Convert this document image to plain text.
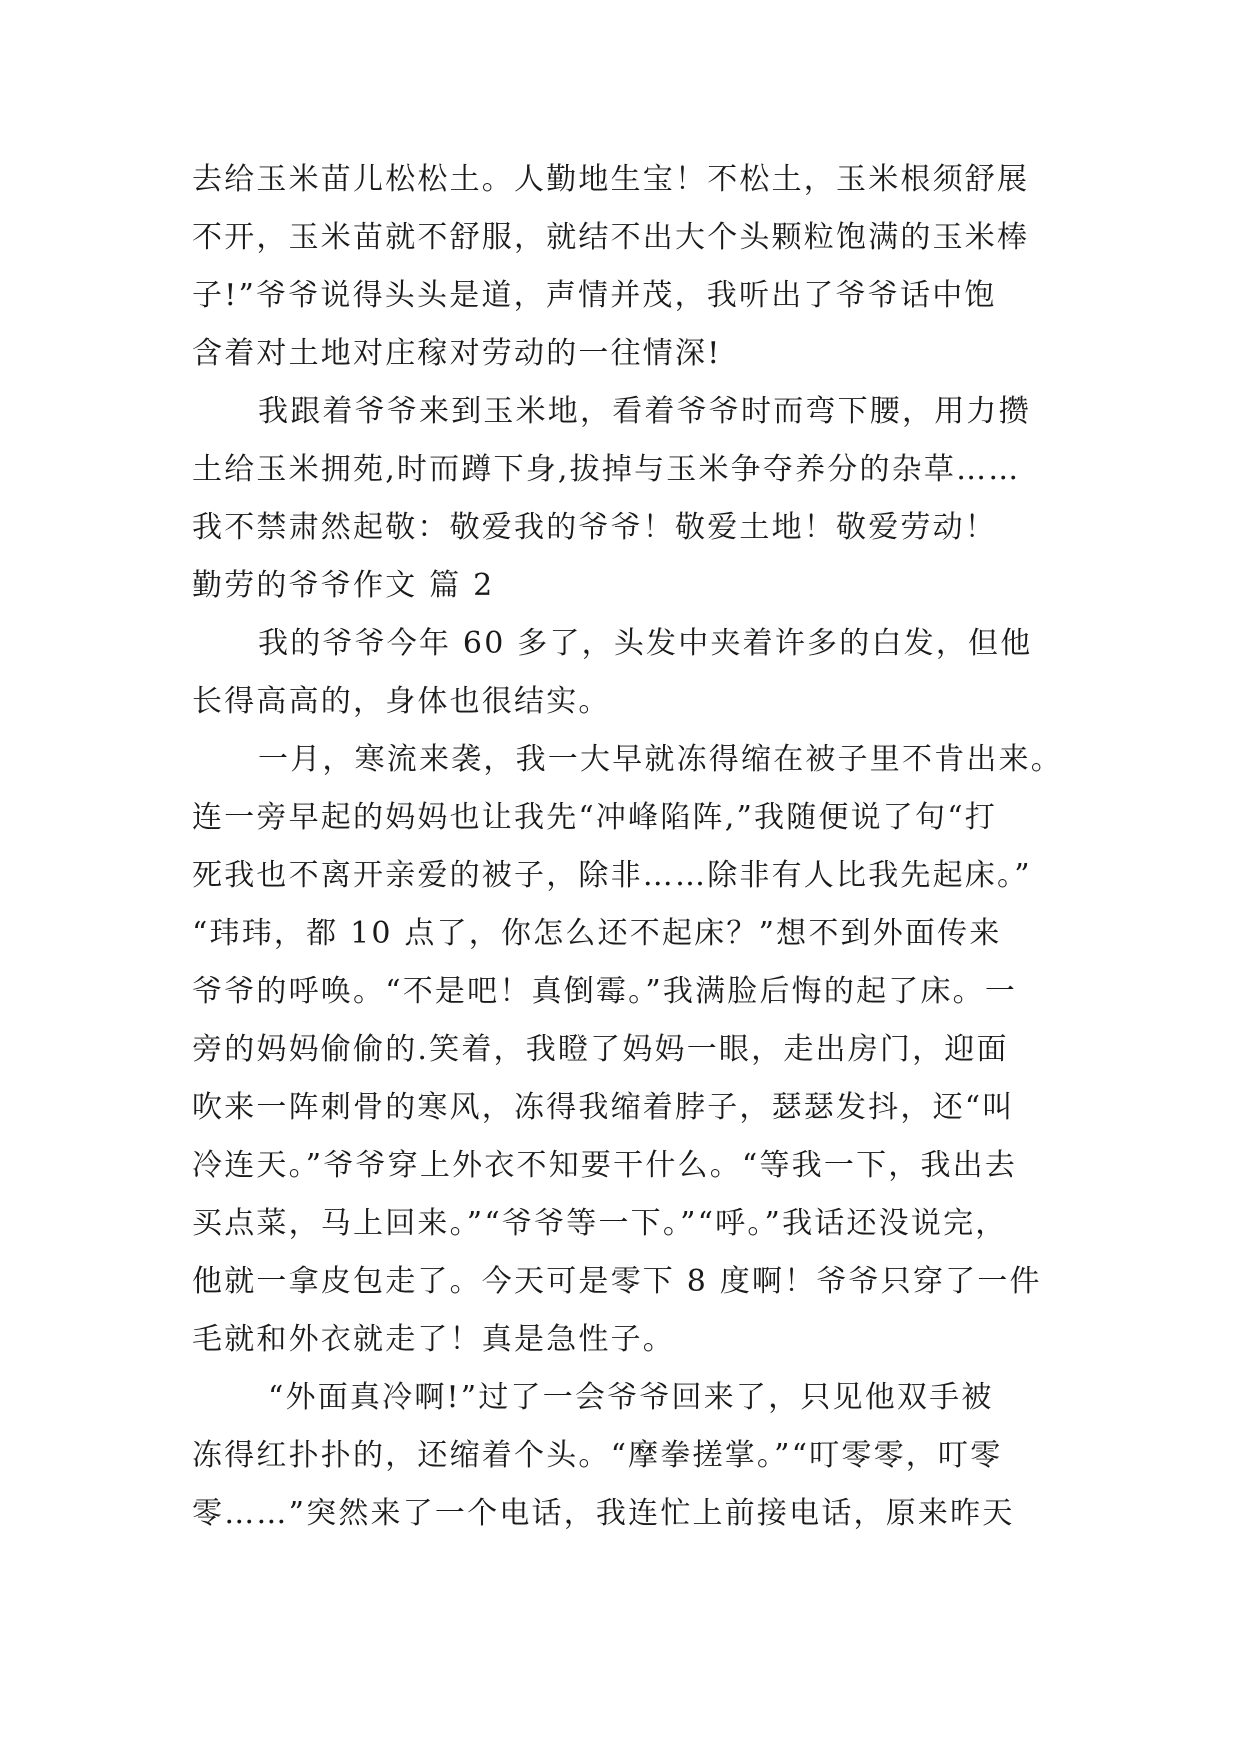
去给玉米苗儿松松土。人勤地生宝！不松土，玉米根须舒展
不开，玉米苗就不舒服，就结不出大个头颗粒饱满的玉米棒
子!”爷爷说得头头是道，声情并茂，我听出了爷爷话中饱
含着对土地对庄稼对劳动的一往情深!
我跟着爷爷来到玉米地，看着爷爷时而弯下腰，用力攒
土给玉米拥苑,时而蹲下身,拔掉与玉米争夺养分的杂草……
我不禁肃然起敬：敬爱我的爷爷！敬爱土地！敬爱劳动！
勤劳的爷爷作文 篇 2
我的爷爷今年 60 多了，头发中夹着许多的白发，但他
长得高高的，身体也很结实。
一月，寒流来袭，我一大早就冻得缩在被子里不肯出来。
连一旁早起的妈妈也让我先“冲峰陷阵,”我随便说了句“打
死我也不离开亲爱的被子，除非……除非有人比我先起床。”
“玮玮，都 10 点了，你怎么还不起床？”想不到外面传来
爷爷的呼唤。“不是吧！真倒霉。”我满脸后悔的起了床。一
旁的妈妈偷偷的.笑着，我瞪了妈妈一眼，走出房门，迎面
吹来一阵刺骨的寒风，冻得我缩着脖子，瑟瑟发抖，还“叫
冷连天。”爷爷穿上外衣不知要干什么。“等我一下，我出去
买点菜，马上回来。”“爷爷等一下。”“呼。”我话还没说完，
他就一拿皮包走了。今天可是零下 8 度啊！爷爷只穿了一件
毛就和外衣就走了！真是急性子。
“外面真冷啊!”过了一会爷爷回来了，只见他双手被
冻得红扑扑的，还缩着个头。“摩拳搓掌。”“叮零零，叮零
零……”突然来了一个电话，我连忙上前接电话，原来昨天
